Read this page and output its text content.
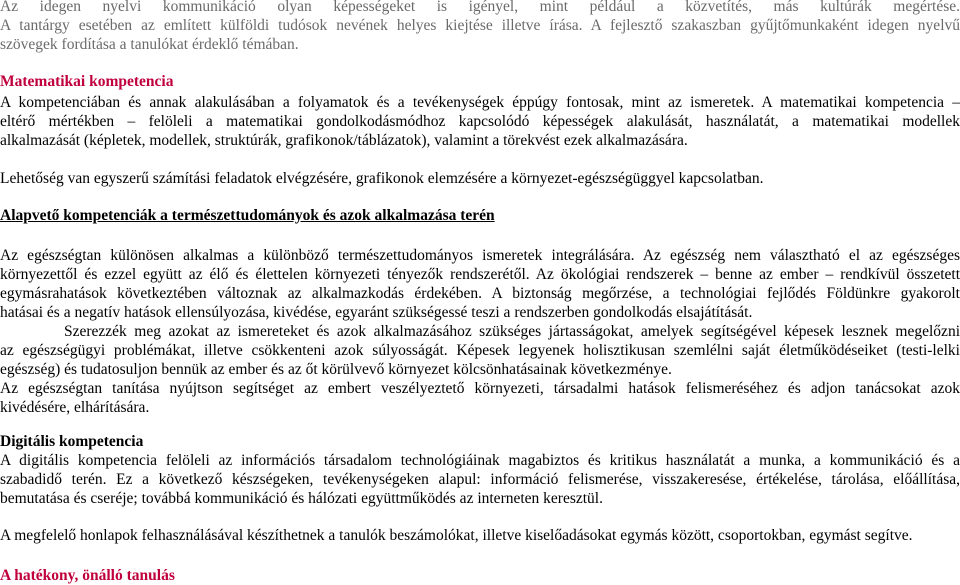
Az idegen nyelvi kommunikáció olyan képességeket is igényel, mint például a közvetítés, más kultúrák megértése.
A tantárgy esetében az említett külföldi tudósok nevének helyes kiejtése illetve írása. A fejlesztő szakaszban gyűjtőmunkaként idegen nyelvű
szövegek fordítása a tanulókat érdeklő témában.
Matematikai kompetencia
A kompetenciában és annak alakulásában a folyamatok és a tevékenységek éppúgy fontosak, mint az ismeretek. A matematikai kompetencia –
eltérő mértékben – felöleli a matematikai gondolkodásmódhoz kapcsolódó képességek alakulását, használatát, a matematikai modellek
alkalmazását (képletek, modellek, struktúrák, grafikonok/táblázatok), valamint a törekvést ezek alkalmazására.
Lehetőség van egyszerű számítási feladatok elvégzésére, grafikonok elemzésére a környezet-egészségüggyel kapcsolatban.
Alapvető kompetenciák a természettudományok és azok alkalmazása terén
Az egészségtan különösen alkalmas a különböző természettudományos ismeretek integrálására. Az egészség nem választható el az egészséges
környezettől és ezzel együtt az élő és élettelen környezeti tényezők rendszerétől. Az ökológiai rendszerek – benne az ember – rendkívül összetett
egymásrahatások következtében változnak az alkalmazkodás érdekében. A biztonság megőrzése, a technológiai fejlődés Földünkre gyakorolt
hatásai és a negatív hatások ellensúlyozása, kivédése, egyaránt szükségessé teszi a rendszerben gondolkodás elsajátítását.
Szerezzék meg azokat az ismereteket és azok alkalmazásához szükséges jártasságokat, amelyek segítségével képesek lesznek megelőzni
az egészségügyi problémákat, illetve csökkenteni azok súlyosságát. Képesek legyenek holisztikusan szemlélni saját életműködéseiket (testi-lelki
egészség) és tudatosuljon bennük az ember és az őt körülvevő környezet kölcsönhatásainak következménye.
Az egészségtan tanítása nyújtson segítséget az embert veszélyeztető környezeti, társadalmi hatások felismeréséhez és adjon tanácsokat azok
kivédésére, elhárítására.
Digitális kompetencia
A digitális kompetencia felöleli az információs társadalom technológiáinak magabiztos és kritikus használatát a munka, a kommunikáció és a
szabadidő terén. Ez a következő készségeken, tevékenységeken alapul: információ felismerése, visszakeresése, értékelése, tárolása, előállítása,
bemutatása és cseréje; továbbá kommunikáció és hálózati együttműködés az interneten keresztül.
A megfelelő honlapok felhasználásával készíthetnek a tanulók beszámolókat, illetve kiselőadásokat egymás között, csoportokban, egymást segítve.
A hatékony, önálló tanulás
